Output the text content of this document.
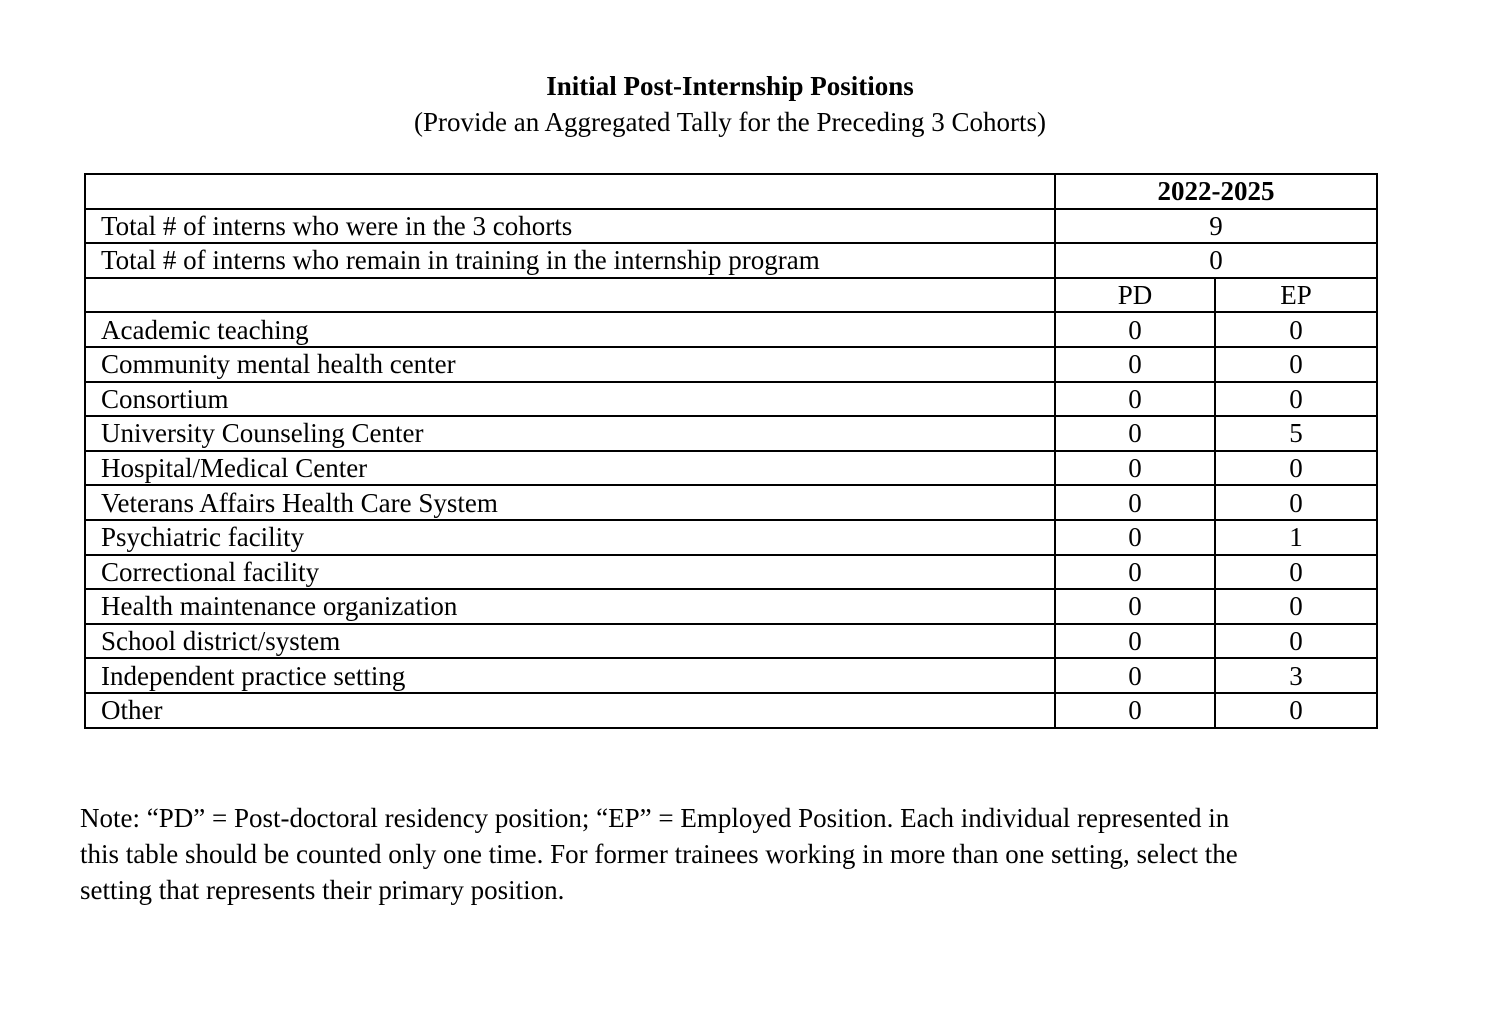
Initial Post-Internship Positions
(Provide an Aggregated Tally for the Preceding 3 Cohorts)
	2022-2025	
Total # of interns who were in the 3 cohorts	9	
Total # of interns who remain in training in the internship program	0	
	PD	EP
Academic teaching	0	0
Community mental health center	0	0
Consortium	0	0
University Counseling Center	0	5
Hospital/Medical Center	0	0
Veterans Affairs Health Care System	0	0
Psychiatric facility	0	1
Correctional facility	0	0
Health maintenance organization	0	0
School district/system	0	0
Independent practice setting	0	3
Other	0	0
Note: “PD” = Post-doctoral residency position; “EP” = Employed Position. Each individual represented in this table should be counted only one time. For former trainees working in more than one setting, select the setting that represents their primary position.
